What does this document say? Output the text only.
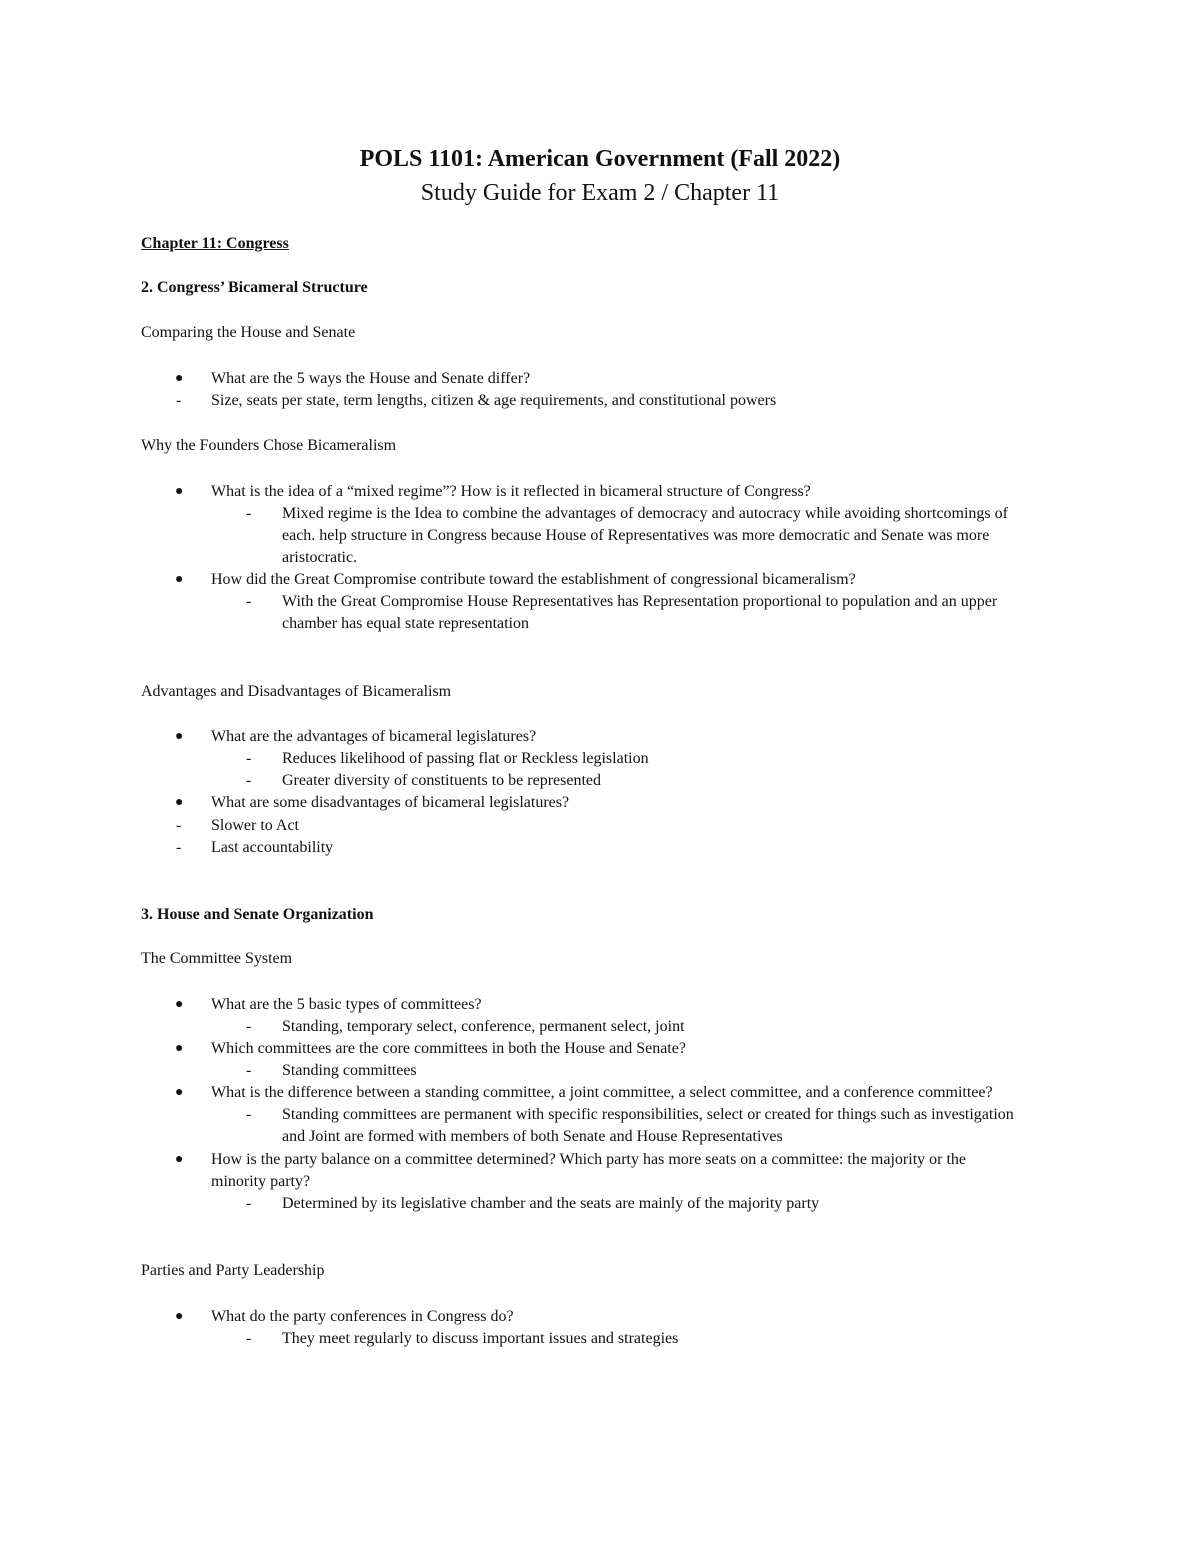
POLS 1101: American Government (Fall 2022)
Study Guide for Exam 2 / Chapter 11
Chapter 11: Congress
2. Congress’ Bicameral Structure
Comparing the House and Senate
● What are the 5 ways the House and Senate differ?
- Size, seats per state, term lengths, citizen & age requirements, and constitutional powers
Why the Founders Chose Bicameralism
● What is the idea of a “mixed regime”? How is it reflected in bicameral structure of Congress?
- Mixed regime is the Idea to combine the advantages of democracy and autocracy while avoiding shortcomings of
each. help structure in Congress because House of Representatives was more democratic and Senate was more
aristocratic.
● How did the Great Compromise contribute toward the establishment of congressional bicameralism?
- With the Great Compromise House Representatives has Representation proportional to population and an upper
chamber has equal state representation
Advantages and Disadvantages of Bicameralism
● What are the advantages of bicameral legislatures?
- Reduces likelihood of passing flat or Reckless legislation
- Greater diversity of constituents to be represented
● What are some disadvantages of bicameral legislatures?
- Slower to Act
- Last accountability
3. House and Senate Organization
The Committee System
● What are the 5 basic types of committees?
- Standing, temporary select, conference, permanent select, joint
● Which committees are the core committees in both the House and Senate?
- Standing committees
● What is the difference between a standing committee, a joint committee, a select committee, and a conference committee?
- Standing committees are permanent with specific responsibilities, select or created for things such as investigation
and Joint are formed with members of both Senate and House Representatives
● How is the party balance on a committee determined? Which party has more seats on a committee: the majority or the
minority party?
- Determined by its legislative chamber and the seats are mainly of the majority party
Parties and Party Leadership
● What do the party conferences in Congress do?
- They meet regularly to discuss important issues and strategies
